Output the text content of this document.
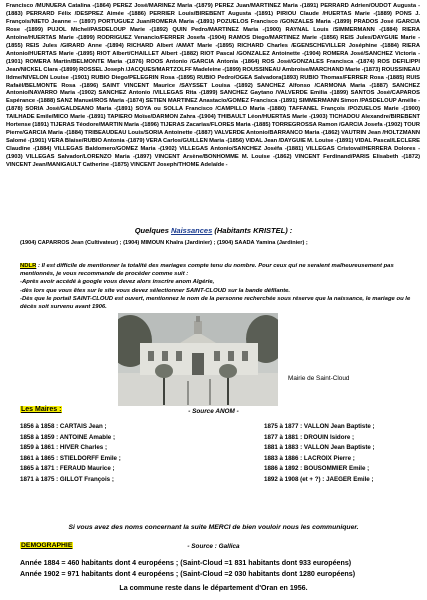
Francisco /MUNUERA Catalina -(1864) PEREZ José/MARINEZ Maria -(1879) PEREZ Juan/MARTINEZ Maria -(1891) PERRARD Adrien/OUDOT Augusta -(1883) PERRARD Félix /DESPREZ Aimée -(1886) PERRIER Louis/BIREBENT Augusta -(1891) PIRIOU Claude /HUERTAS Marie -(1889) PONS J. François/NIETO Jeanne -- (1897) PORTUGUEZ Juan/ROMERA Maria -(1891) POZUELOS Francisco /GONZALES Maria -(1899) PRADOS José /GARCIA Rose -(1899) PUJOL Michel/PASDELOUP Marie -(1892) QUIN Pedro/MARTINEZ Maria -(1900) RAYNAL Louis /SIMMERMANN -(1884) RIERA Antoine/HUERTAS Marie -(1899) RODRIGUEZ Venancio/FERRER Josefa -(1904) RAMOS Diego/MARTINEZ Marie -(1856) REIS Jules/DAYGUIE Marie -(1855) REIS Jules /GIRARD Anne -(1894) RICHARD Albert /AMAT Marie -(1895) RICHARD Charles /EGENSCHEVILLER Joséphine -(1884) RIERA Antonio/HUERTAS Marie -(1895) RIOT Albert/CHAILLET Albert -(1882) RIOT Pascal /GONZALEZ Antoinette -(1904) ROMERA José/SANCHEZ Victoria -(1901) ROMERA Martin/BELMONTE Maria -(1876) ROOS Antonio /GARCIA Antonia -(1864) ROS José/GONZALES Francisca -(1874) ROS DEFILIPPI Jean/NICKEL Clara -(1899) ROSSEL Joseph /JACQUES/MARTZOLFF Madeleine -(1899) ROUSSINEAU Ambroise/MARCHAND Marie -(1873) ROUSSINEAU Ildme/NIVELON Louise -(1901) RUBIO Diego/PELEGRIN Rosa -(1895) RUBIO Pedro/OGEA Salvadora(1893) RUBIO Thomas/FERRER Rosa -(1885) RUIS Rafaël/BELMONTE Rosa -(1896) SAINT VINCENT Maurice /SAYSSET Louisa -(1892) SANCHEZ Alfonso /CARMONA Maria -(1887) SANCHEZ Antonio/NAVARRO Maria -(1902) SANCHEZ Antonio /VILLEGAS Rita -(1899) SANCHEZ Gaytano /VALVERDE Emilia -(1899) SANTOS José/CAPAROS Espérance -(1888) SANZ Manuel/ROS Maria -(1874) SETIEN MARTINEZ Anastacio/GOMEZ Francisca -(1891) SIMMERMANN Simon /PASDELOUP Amélie -(1878) SORIA José/GALDEANO Maria -(1891) SOYA ou SOLLA Francisco /CAMPILLO Maria -(1880) TAFFANEL François /POZUELOS Marie -(1900) TAILHADE Emile/MICO Marie -(1891) TAPIERO Moïse/DARMON Zahra -(1904) THIBAULT Léon/HUERTAS Marie -(1903) TICHADOU Alexandre/BIREBENT Hortense (1891) TIJERAS Téodore/MARTIN Maria -(1896) TIJERAS Zacarias/FLORES Maria -(1885) TORREGROSSA Ramon /GARCIA Josefa -(1902) TOUR Pierre/GARCIA Maria -(1884) TRIBEAUDEAU Louis/SORIA Antoinette -(1887) VALVERDE Antonio/BARRANCO Maria -(1862) VAUTRIN Jean /HOLTZMANN Salomé -(1901) VERA Blaise/RUBIO Antonia -(1879) VERA Carlos/GUILLEN Maria -(1856) VIDAL Jean /DAYGUIE M. Louise -(1891) VIDAL Pascal/LECLERE Claudine -(1884) VILLEGAS Baldomero/GOMEZ Maria -(1902) VILLEGAS Antonio/SANCHEZ Joséfa -(1881) VILLEGAS Cristoval/HERRERA Dolores -(1903) VILLEGAS Salvador/LORENZO Maria -(1897) VINCENT Arsène/BONHOMME M. Louise -(1862) VINCENT Ferdinand/PARIS Elisabeth -(1872) VINCENT Jean/MANIGAULT Catherine -(1875) VINCENT Joseph/THOME Adelaïde -
Quelques Naissances (Habitants KRISTEL) :
(1904) CAPARROS Jean (Cultivateur) ; (1904) MIMOUN Khalra (Jardinier) ; (1904) SAADA Yamina (Jardinier) ;
NDLR : Il est difficile de mentionner la totalité des mariages compte tenu du nombre. Pour ceux qui ne seraient malheureusement pas mentionnés, je vous recommande de procéder comme suit :
-Après avoir accédé à google vous devez alors inscrire anom Algérie,
-dès lors que vous êtes sur le site vous devez sélectionner SAINT-CLOUD sur la bande défilante.
-Dès que le portail SAINT-CLOUD est ouvert, mentionnez le nom de la personne recherchée sous réserve que la naissance, le mariage ou le décès soit survenu avant 1906.
Mairie de Saint-Cloud
Les Maires :	- Source ANOM -
1856 à 1858 : CARTAIS Jean ;	1875 à 1877 : VALLON Jean Baptiste ;
1858 à 1859 : ANTOINE Amable ;	1877 à 1881 : DROUIN Isidore ;
1859 à 1861 : HIVER Charles ;	1881 à 1883 : VALLON Jean Baptiste ;
1861 à 1865 : STIELDORFF Emile ;	1883 à 1886 : LACROIX Pierre ;
1865 à 1871 : FERAUD Maurice ;	1886 à 1892 : BOUSOMMIER Emile ;
1871 à 1875 : GILLOT François ;	1892 à 1908 (et + ?) : JAEGER Emile ;
Si vous avez des noms concernant la suite MERCI de bien vouloir nous les communiquer.
DEMOGRAPHIE	- Source : Gallica
Année 1884 = 460 habitants dont 4 européens ; (Saint-Cloud =1 831 habitants dont 933 européens)
Année 1902 = 971 habitants dont 4 européens ; (Saint-Cloud =2 030 habitants dont 1280 européens)
La commune reste dans le département d'Oran en 1956.
